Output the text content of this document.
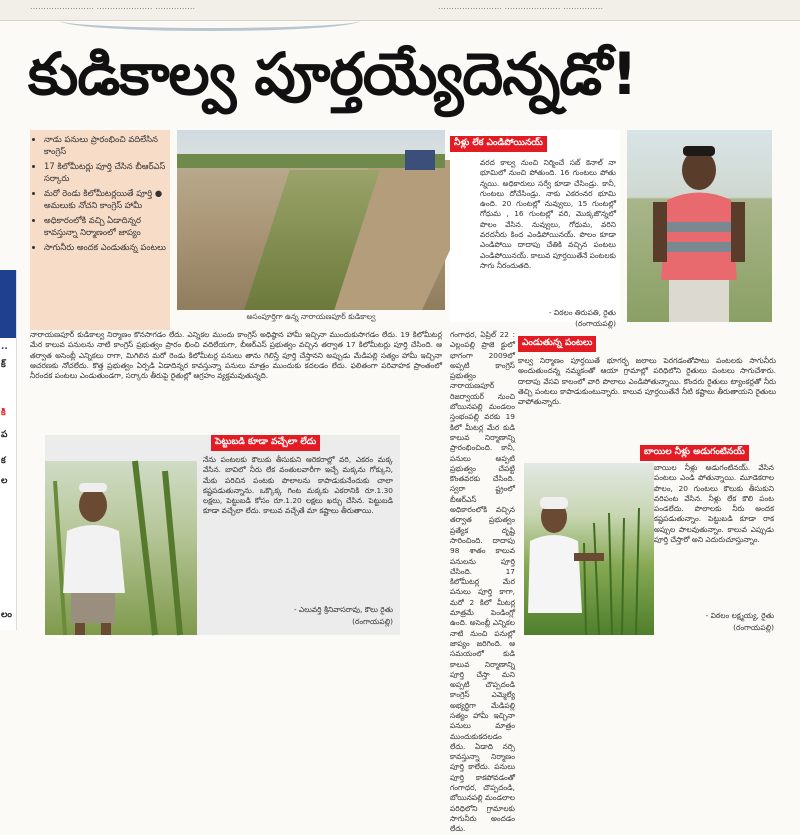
…………………… ………………… ……………	…………………… ………………… ……………
..
క్
కి
ప
క
ల
లం
కుడికాల్వ పూర్తయ్యేదెన్నడో!
• నాడు పనులు ప్రారంభించి వదిలేసిన కాంగ్రెస్
• 17 కిలోమీటర్లు పూర్తి చేసిన బీఆర్ఎస్ సర్కారు
• మరో రెండు కిలోమీటర్లయితే పూర్తి ● అమలుకు నోచని కాంగ్రెస్ హామీ
• అధికారంలోకి వచ్చి ఏడాదిన్నర కావస్తున్నా నిర్మాణంలో జాప్యం
• సాగునీరు అందక ఎండుతున్న పంటలు
అసంపూర్తిగా ఉన్న నారాయణపూర్ కుడికాల్వ
నీళ్లు లేక ఎండిపోయినయ్
వరద కాల్వ నుంచి నిర్మించే సబ్ కెనాల్ నా భూమిలో నుంచి పోతుంది. 16 గుంటలు పోతు న్నయి. అధికారులు సర్వే కూడా చేసిండ్రు. కానీ, గుంటలు దోచేసిండ్రు. నాకు ఎకరంనర భూమి ఉంది. 20 గుంటల్లో నువ్వులు, 15 గుంటల్లో గోధుమ , 16 గుంటల్లో వరి, మొక్కజొన్నలో పొలం వేసిన. నువ్వులు, గోధుమ, వరిని వరదనీరు కింద ఎండిపోయినయ్. పొలం కూడా ఎండిపోయి దాదాపు చేతికి వచ్చిన పంటలు ఎండిపోయినయ్. కాలువ పూర్తయితేనే పంటలకు సాగు నీరందుతది.
- విఠలం తిరుపతి, రైతు
(రంగాయపల్లి)
నారాయణపూర్ కుడికాల్వ నిర్మాణం కొనసాగడం లేదు. ఎన్నికల ముందు కాంగ్రెస్ అధిష్ఠాన హామీ ఇచ్చినా ముందుకుసాగడం లేదు. 19 కిలోమీటర్ల మేర కాలువ పనులను నాటి కాంగ్రెస్ ప్రభుత్వం ప్రారం భించి వదిలేయగా, బీఆర్ఎస్ ప్రభుత్వం వచ్చిన తర్వాత 17 కిలోమీటర్లు పూర్తి చేసింది. ఆ తర్వాత అసెంబ్లీ ఎన్నికలు రాగా, మిగిలిన మరో రెండు కిలోమీటర్ల పనులు తాను గెలిస్తే పూర్తి చేస్తానని అప్పుడు మేడిపల్లి సత్యం హామీ ఇచ్చినా ఆచరణకు నోచలేదు. కొత్త ప్రభుత్వం ఏర్పడి ఏడాదిన్నర కావస్తున్నా పనులు మాత్రం ముందుకు కదలడం లేదు. ఫలితంగా పరివాహక ప్రాంతంలో నీరందక పంటలు ఎండుతుండగా, సర్కారు తీరుపై రైతుల్లో ఆగ్రహం వ్యక్తమవుతున్నది.
గంగాధర, ఏప్రిల్ 22 : ఎల్లంపల్లి ప్రాజె క్టులో భాగంగా 2009లో అప్పటి కాంగ్రెస్ ప్రభుత్వం నారాయణపూర్ రిజర్వాయర్ నుంచి బోయినపల్లి మండలం స్తంభంపల్లి వరకు 19 కిలో మీటర్ల మేర కుడి కాలువ నిర్మాణాన్ని ప్రారంభించింది. కానీ, పనులు అప్పటి ప్రభుత్వం చేపట్టి కొంతవరకు చేసింది. స్వరా ష్ట్రంలో బీఆర్ఎస్ అధికారంలోకి వచ్చిన తర్వాత ప్రభుత్వం ప్రత్యేక దృష్టి సారించింది. దాదాపు 98 శాతం కాలువ పనులను పూర్తి చేసింది. 17 కిలోమీటర్ల మేర పనులు పూర్తి కాగా, మరో 2 కిలో మీటర్ల మాత్రమే పెండింగ్లో ఉంది. అసెంబ్లీ ఎన్నికల నాటి నుంచి పనుల్లో జాప్యం జరిగింది. ఆ సమయంలో కుడి కాలువ నిర్మాణాన్ని పూర్తి చేస్తా మని అప్పటి చొప్పదండి కాంగ్రెస్ ఎమ్మెల్యే అభ్యర్థిగా మేడిపల్లి సత్యం హామీ ఇచ్చినా పనులు మాత్రం ముందుకుకదలడం లేదు. ఏడాది నర్సె కావస్తున్నా నిర్మాణం పూర్తి కాలేదు. పనులు పూర్తి కాకపోవడంతో గంగాధర, చొప్పదండి, బోయినపల్లి మండలాల పరిధిలోని గ్రామాలకు సాగునీరు అందడం లేదు.
ఎండుతున్న పంటలు
కాల్వ నిర్మాణం పూర్తయితే భూగర్భ జలాలు పెరగడంతోపాటు పంటలకు సాగునీరు అందుతుందన్న నమ్మకంతో ఆయా గ్రామాల్లో పరిధిలోని రైతులు పంటలు సాగుచేశారు. దాదాపు వేసవి కాలంలో వారి పొలాలు ఎండిపోతున్నాయి. కొందరు రైతులు ట్యాంకర్లతో నీరు తెచ్చి పంటలు కాపాడుకుంటున్నారు. కాలువ పూర్తయితేనే నీటి కష్టాలు తీరుతాయని రైతులు వాపోతున్నారు.
పెట్టుబడి కూడా వచ్చేలా లేదు
నేను పంటలకు కౌలుకు తీసుకుని ఆరెకరాల్లో వరి, ఎకరం మక్క వేసిన. బావిలో నీరు లేక వంతులవారీగా ఇచ్చే మక్కను గోక్కుని, మేకు పరిచిన పంటకు పొలాలను కాపాడుకునేందుకు చాలా కష్టపడుతున్నాను. ఒక్కొక్క గింట మక్కకు ఎకరానికి రూ.1.30 లక్షలు, పెట్టుబడి కోసం రూ.1.20 లక్షలు ఖర్చు చేసిన. పెట్టుబడి కూడా వచ్చేలా లేదు. కాలువ వచ్చేతే మా కష్టాలు తీరుతాయి.
- ఎలువర్తి శ్రీనివాసరావు, కౌలు రైతు
(రంగాయపల్లి)
బాయిల నీళ్లు అడుగంటినయ్
బాయిల నీళ్లు అడుగంటినయ్. వేసిన పంటలు ఎండి పోతున్నాయి. మూడెకరాల పొలం, 20 గుంటలు కౌలుకు తీసుకుని వరిపంట వేసిన. నీళ్లు లేక కౌలి పంట పండలేదు. పొలాలకు నీరు అందక కష్టపడుతున్నాం. పెట్టుబడి కూడా రాక అప్పుల పాలవుతున్నాం. కాలువ ఎప్పుడు పూర్తి చేస్తారో అని ఎదురుచూస్తున్నాం.
- విఠలం లక్ష్మయ్య, రైతు
(రంగాయపల్లి)
